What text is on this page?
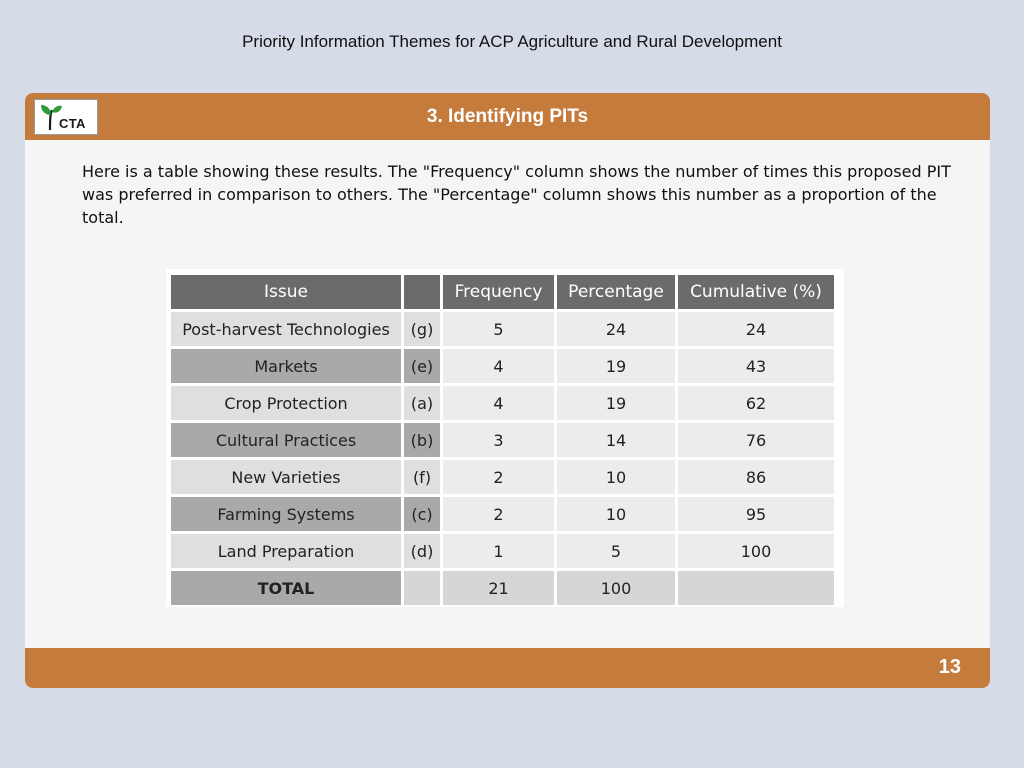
Priority Information Themes for ACP Agriculture and Rural Development
CTA	3. Identifying PITs

Here is a table showing these results. The "Frequency" column shows the number of times this proposed PIT was preferred in comparison to others. The "Percentage" column shows this number as a proportion of the total.

Issue		Frequency	Percentage	Cumulative (%)
Post-harvest Technologies	(g)	5	24	24
Markets	(e)	4	19	43
Crop Protection	(a)	4	19	62
Cultural Practices	(b)	3	14	76
New Varieties	(f)	2	10	86
Farming Systems	(c)	2	10	95
Land Preparation	(d)	1	5	100
TOTAL		21	100	
13
